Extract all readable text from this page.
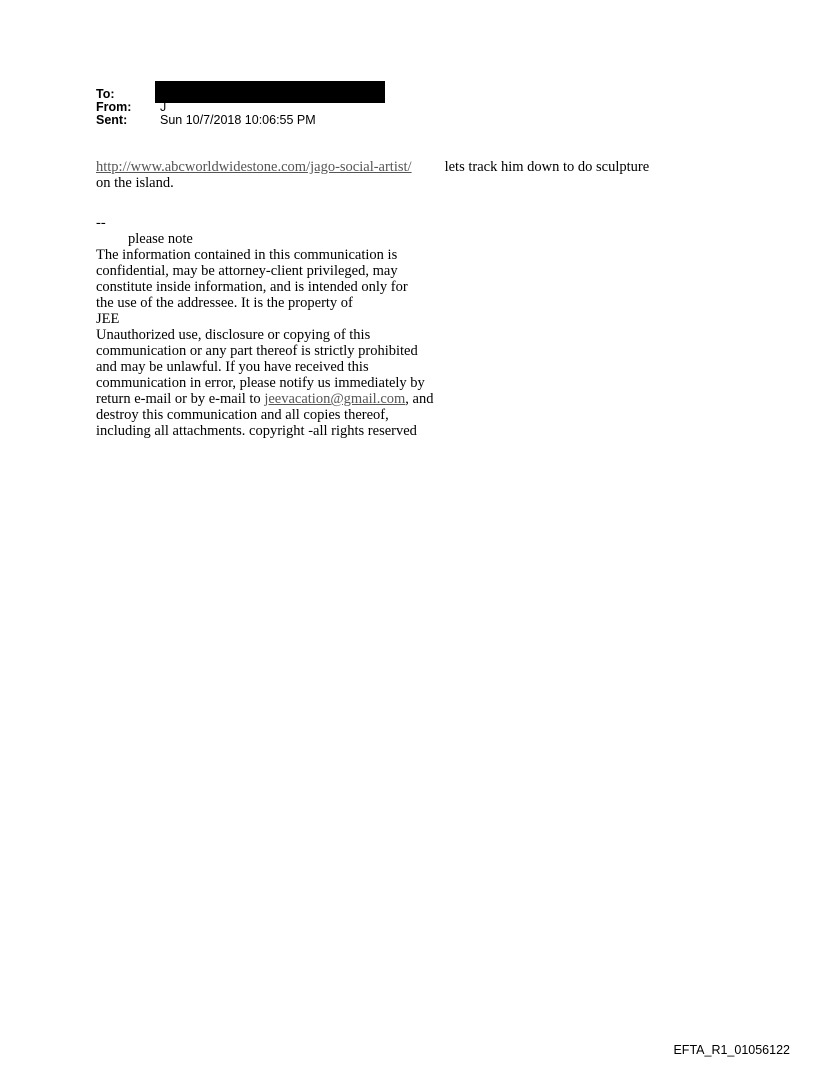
To:
From: J
Sent:	Sun 10/7/2018 10:06:55 PM
http://www.abcworldwidestone.com/jago-social-artist/ lets track him down to do sculpture
on the island.
--
please note
The information contained in this communication is
confidential, may be attorney-client privileged, may
constitute inside information, and is intended only for
the use of the addressee. It is the property of
JEE
Unauthorized use, disclosure or copying of this
communication or any part thereof is strictly prohibited
and may be unlawful. If you have received this
communication in error, please notify us immediately by
return e-mail or by e-mail to jeevacation@gmail.com, and
destroy this communication and all copies thereof,
including all attachments. copyright -all rights reserved
EFTA_R1_01056122
